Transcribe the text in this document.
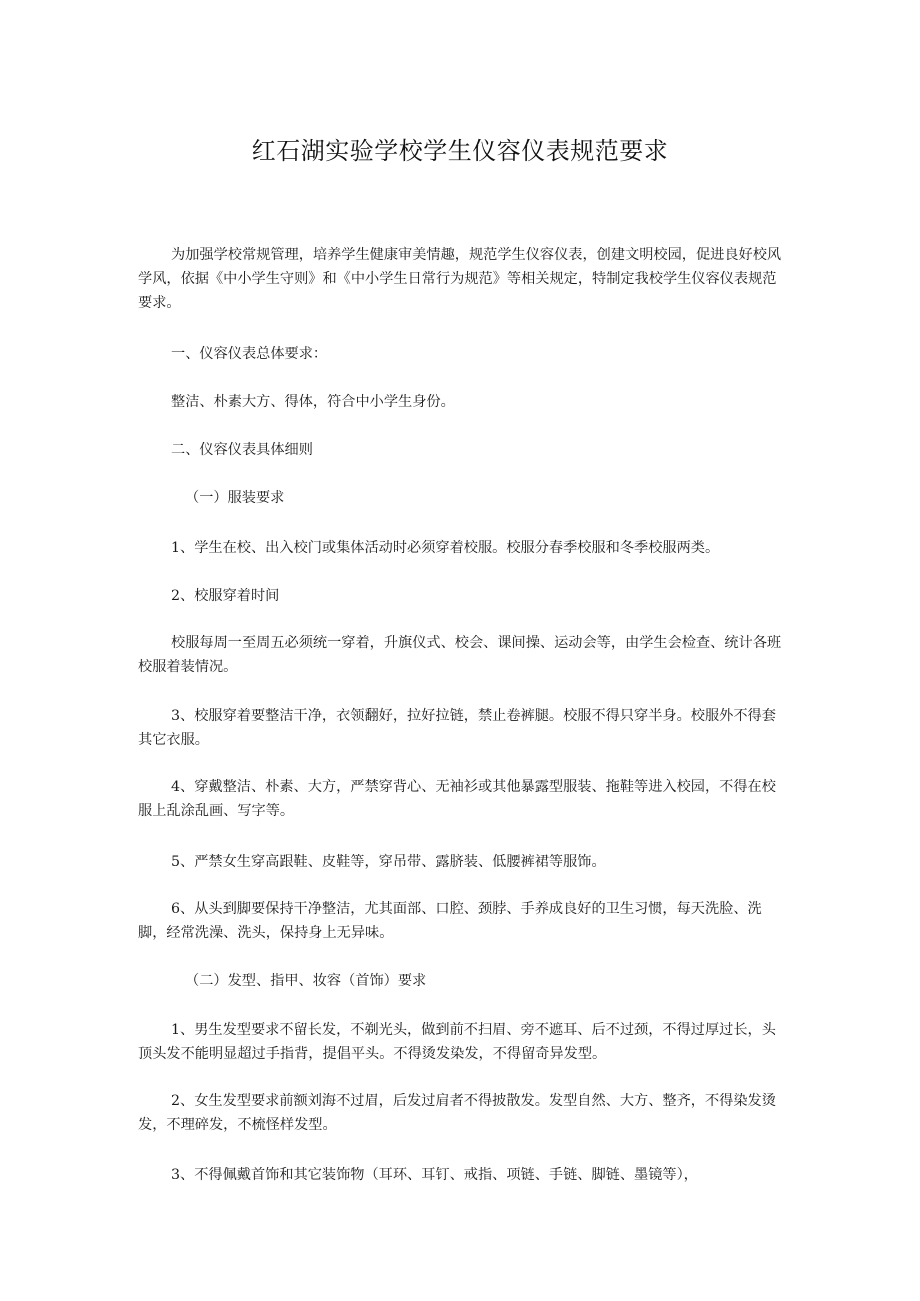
红石湖实验学校学生仪容仪表规范要求

为加强学校常规管理，培养学生健康审美情趣，规范学生仪容仪表，创建文明校园，促进良好校风学风，依据《中小学生守则》和《中小学生日常行为规范》等相关规定，特制定我校学生仪容仪表规范要求。

一、仪容仪表总体要求：

整洁、朴素大方、得体，符合中小学生身份。

二、仪容仪表具体细则

（一）服装要求

1、学生在校、出入校门或集体活动时必须穿着校服。校服分春季校服和冬季校服两类。

2、校服穿着时间

校服每周一至周五必须统一穿着，升旗仪式、校会、课间操、运动会等，由学生会检查、统计各班校服着装情况。

3、校服穿着要整洁干净，衣领翻好，拉好拉链，禁止卷裤腿。校服不得只穿半身。校服外不得套其它衣服。

4、穿戴整洁、朴素、大方，严禁穿背心、无袖衫或其他暴露型服装、拖鞋等进入校园，不得在校服上乱涂乱画、写字等。

5、严禁女生穿高跟鞋、皮鞋等，穿吊带、露脐装、低腰裤裙等服饰。

6、从头到脚要保持干净整洁，尤其面部、口腔、颈脖、手养成良好的卫生习惯，每天洗脸、洗脚，经常洗澡、洗头，保持身上无异味。

（二）发型、指甲、妆容（首饰）要求

1、男生发型要求不留长发，不剃光头，做到前不扫眉、旁不遮耳、后不过颈，不得过厚过长，头顶头发不能明显超过手指背，提倡平头。不得烫发染发，不得留奇异发型。

2、女生发型要求前额刘海不过眉，后发过肩者不得披散发。发型自然、大方、整齐，不得染发烫发，不理碎发，不梳怪样发型。

3、不得佩戴首饰和其它装饰物（耳环、耳钉、戒指、项链、手链、脚链、墨镜等），
